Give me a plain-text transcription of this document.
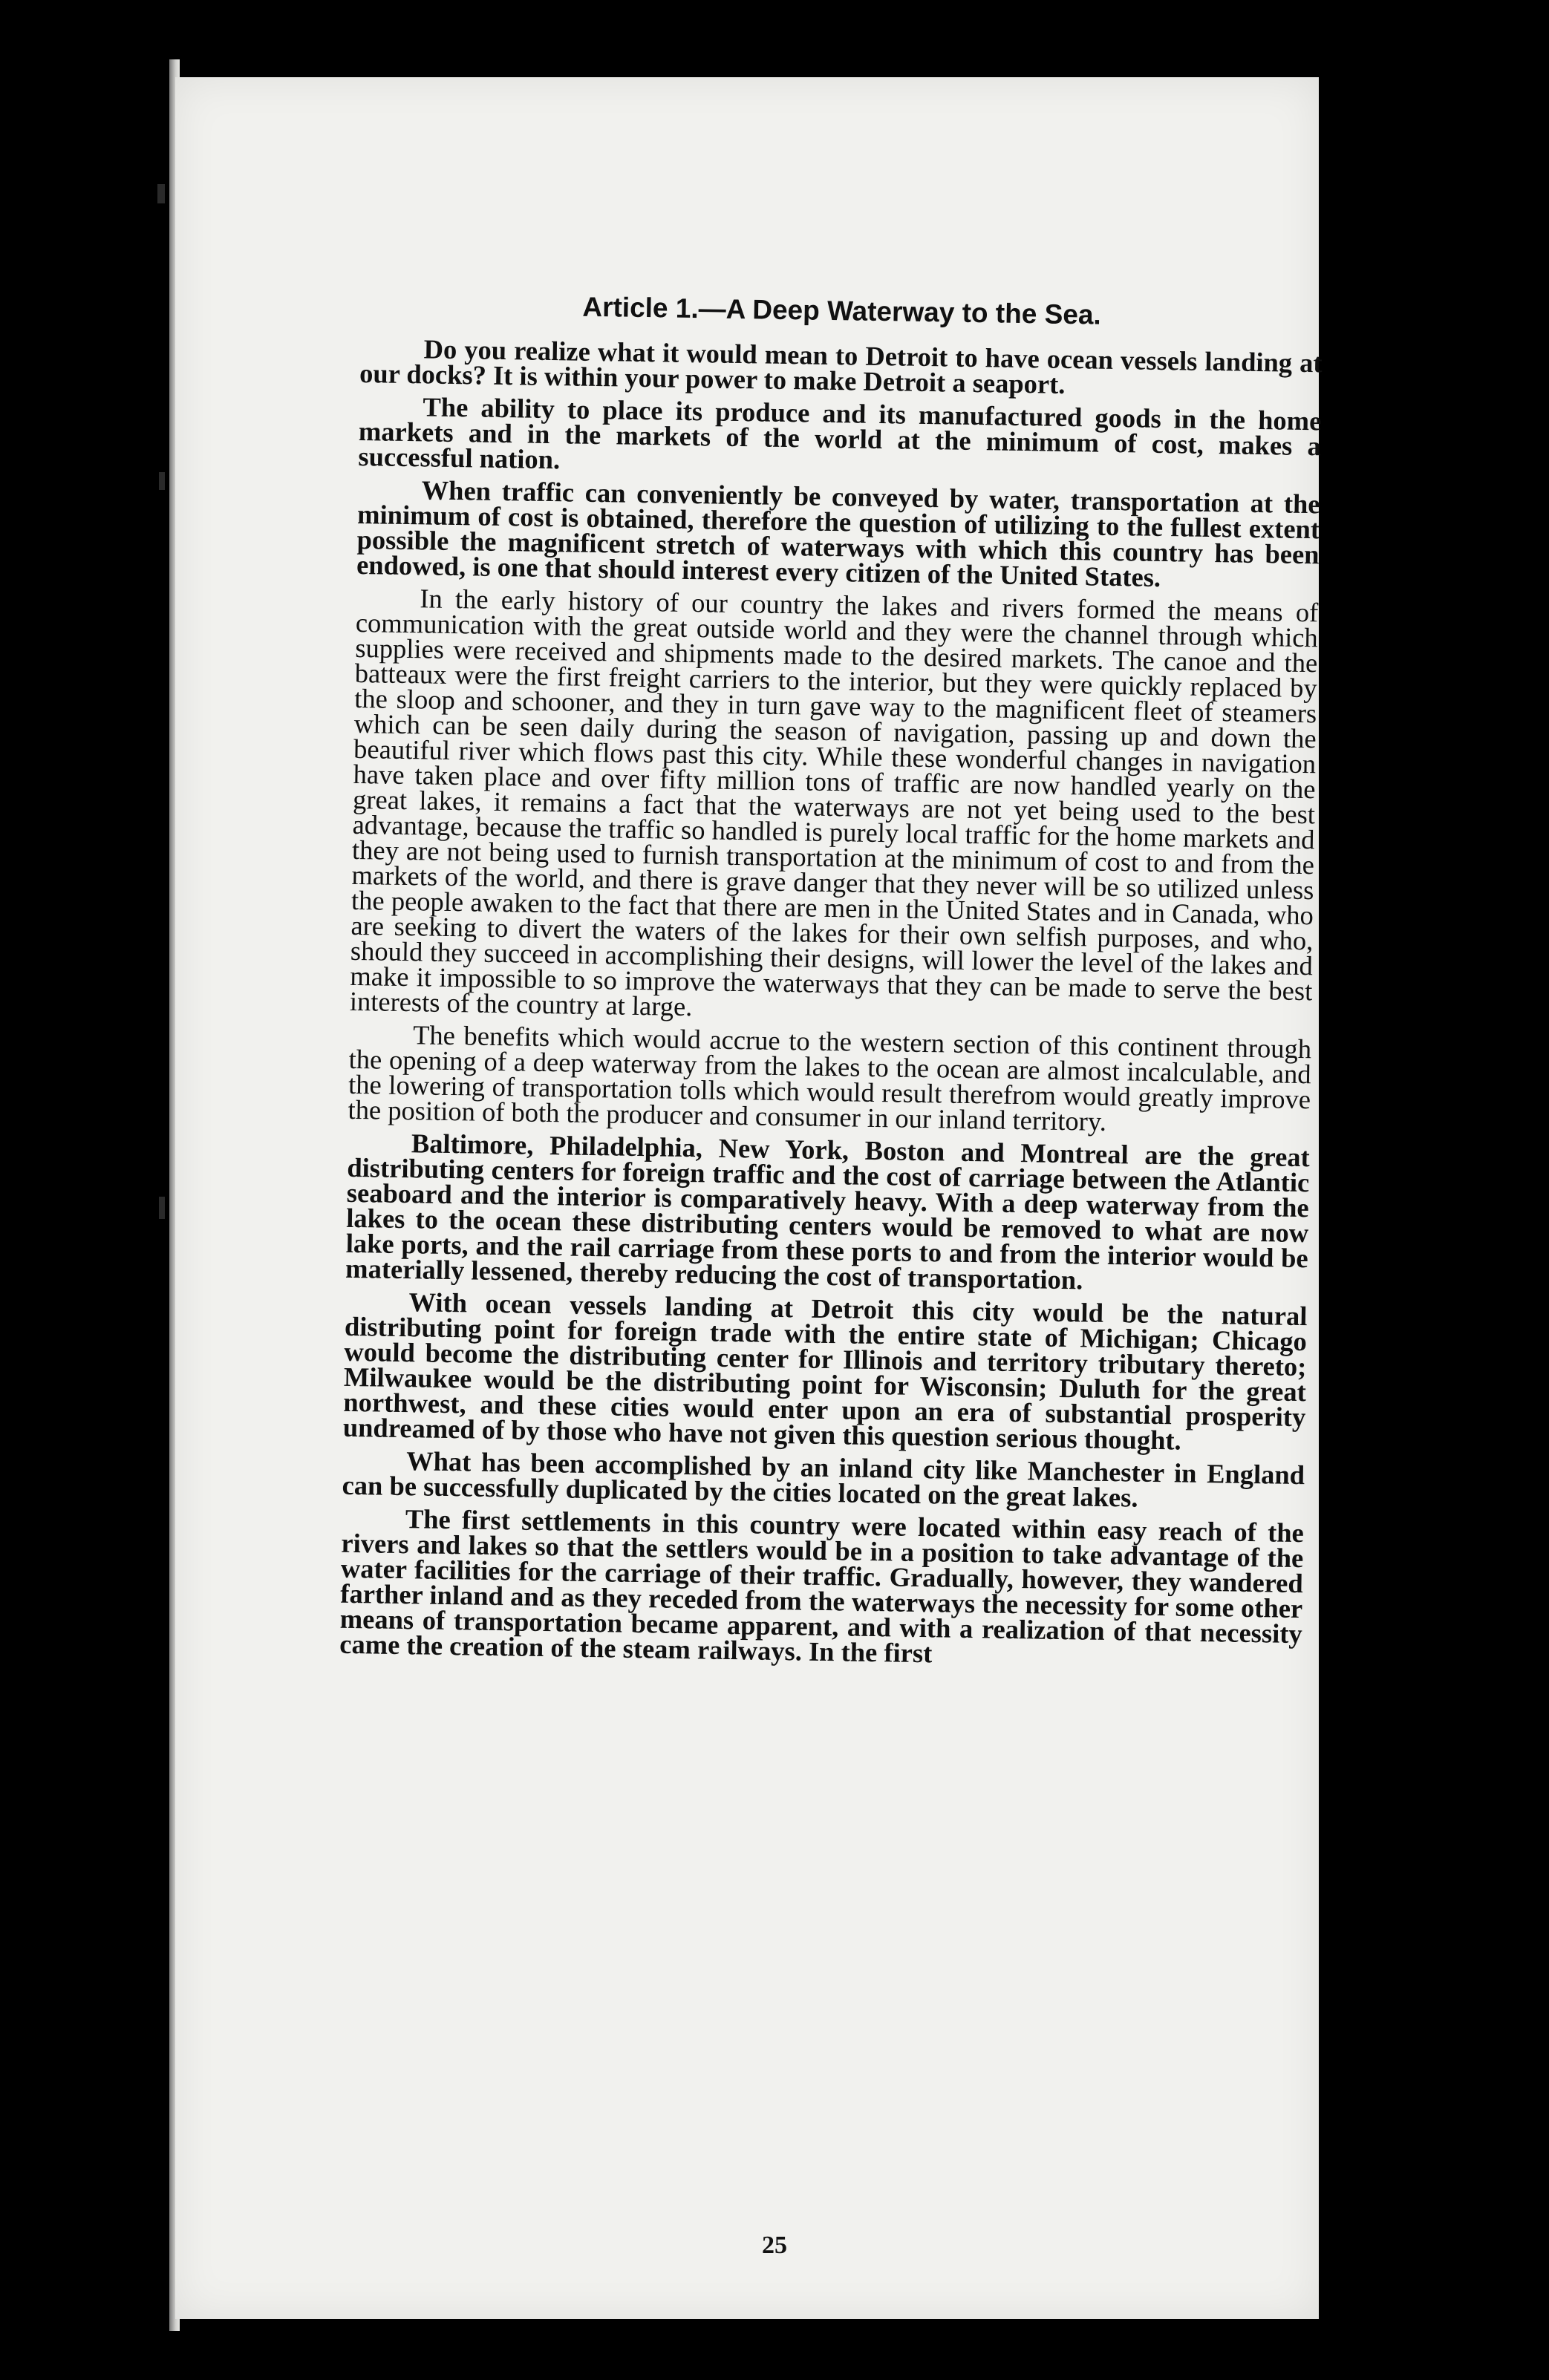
Article 1.—A Deep Waterway to the Sea.

Do you realize what it would mean to Detroit to have ocean vessels landing at our docks? It is within your power to make Detroit a seaport.

The ability to place its produce and its manufactured goods in the home markets and in the markets of the world at the minimum of cost, makes a successful nation.

When traffic can conveniently be conveyed by water, transportation at the minimum of cost is obtained, therefore the question of utilizing to the fullest extent possible the magnificent stretch of waterways with which this country has been endowed, is one that should interest every citizen of the United States.

In the early history of our country the lakes and rivers formed the means of communication with the great outside world and they were the channel through which supplies were received and shipments made to the desired markets. The canoe and the batteaux were the first freight carriers to the interior, but they were quickly replaced by the sloop and schooner, and they in turn gave way to the magnificent fleet of steamers which can be seen daily during the season of navigation, passing up and down the beautiful river which flows past this city. While these wonderful changes in navigation have taken place and over fifty million tons of traffic are now handled yearly on the great lakes, it remains a fact that the waterways are not yet being used to the best advantage, because the traffic so handled is purely local traffic for the home markets and they are not being used to furnish transportation at the minimum of cost to and from the markets of the world, and there is grave danger that they never will be so utilized unless the people awaken to the fact that there are men in the United States and in Canada, who are seeking to divert the waters of the lakes for their own selfish purposes, and who, should they succeed in accomplishing their designs, will lower the level of the lakes and make it impossible to so improve the waterways that they can be made to serve the best interests of the country at large.

The benefits which would accrue to the western section of this continent through the opening of a deep waterway from the lakes to the ocean are almost incalculable, and the lowering of transportation tolls which would result therefrom would greatly improve the position of both the producer and consumer in our inland territory.

Baltimore, Philadelphia, New York, Boston and Montreal are the great distributing centers for foreign traffic and the cost of carriage between the Atlantic seaboard and the interior is comparatively heavy. With a deep waterway from the lakes to the ocean these distributing centers would be removed to what are now lake ports, and the rail carriage from these ports to and from the interior would be materially lessened, thereby reducing the cost of transportation.

With ocean vessels landing at Detroit this city would be the natural distributing point for foreign trade with the entire state of Michigan; Chicago would become the distributing center for Illinois and territory tributary thereto; Milwaukee would be the distributing point for Wisconsin; Duluth for the great northwest, and these cities would enter upon an era of substantial prosperity undreamed of by those who have not given this question serious thought.

What has been accomplished by an inland city like Manchester in England can be successfully duplicated by the cities located on the great lakes.

The first settlements in this country were located within easy reach of the rivers and lakes so that the settlers would be in a position to take advantage of the water facilities for the carriage of their traffic. Gradually, however, they wandered farther inland and as they receded from the waterways the necessity for some other means of transportation became apparent, and with a realization of that necessity came the creation of the steam railways. In the first

25
